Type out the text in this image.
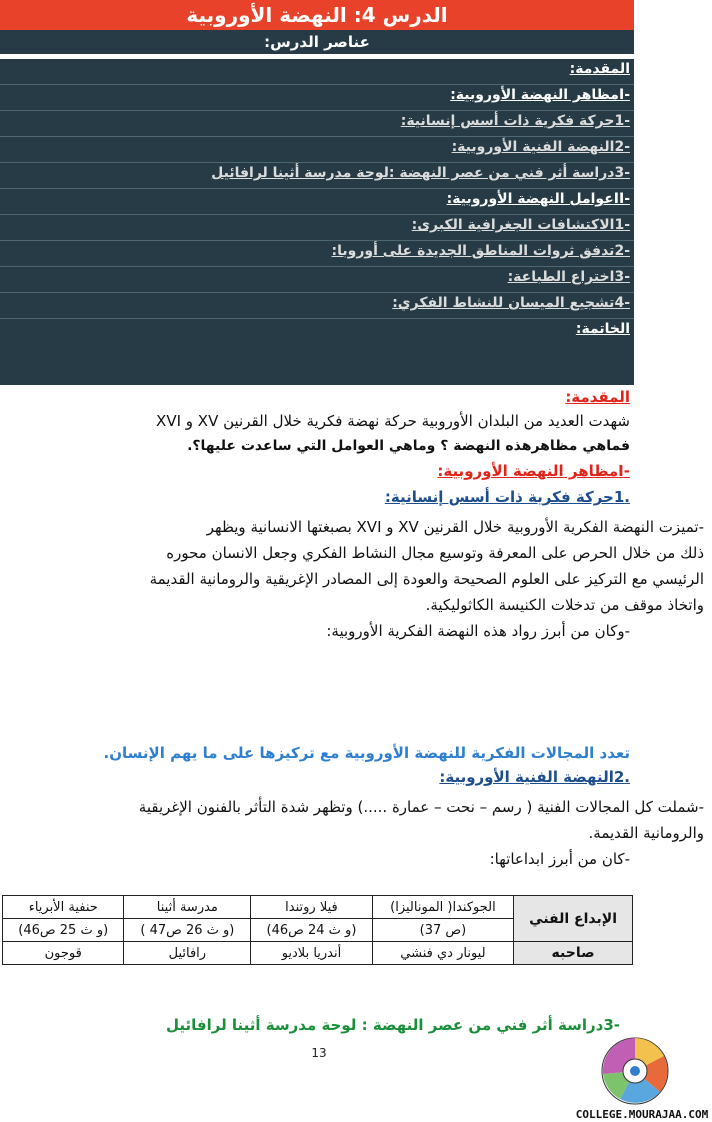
الدرس 4: النهضة الأوروبية
عناصر الدرس:
المقدمة:
-Iمظاهر النهضة الأوروبية:
-1حركة فكرية ذات أسس إنسانية:
-2النهضة الفنية الأوروبية:
-3دراسة أثر فني من عصر النهضة :لوحة مدرسة أثينا لرافائيل
-IIعوامل النهضة الأوروبية:
-1الاكتشافات الجغرافية الكبرى:
-2تدفق ثروات المناطق الجديدة على أوروبا:
-3اختراع الطباعة:
-4تشجيع الميسان للنشاط الفكري:
الخاتمة:
المقدمة:
شهدت العديد من البلدان الأوروبية حركة نهضة فكرية خلال القرنين XV و XVI
فماهي مظاهرهذه النهضة ؟ وماهي العوامل التي ساعدت عليها؟.
-Iمظاهر النهضة الأوروبية:
.1حركة فكرية ذات أسس إنسانية:
-تميزت النهضة الفكرية الأوروبية خلال القرنين XV و XVI بصبغتها الانسانية ويظهر
ذلك من خلال الحرص على المعرفة وتوسيع مجال النشاط الفكري وجعل الانسان محوره
الرئيسي مع التركيز على العلوم الصحيحة والعودة إلى المصادر الإغريقية والرومانية القديمة
واتخاذ موقف من تدخلات الكنيسة الكاثوليكية.
-وكان من أبرز رواد هذه النهضة الفكرية الأوروبية:
تعدد المجالات الفكرية للنهضة الأوروبية مع تركيزها على ما يهم الإنسان.
.2النهضة الفنية الأوروبية:
-شملت كل المجالات الفنية ( رسم – نحت – عمارة .....) وتظهر شدة التأثر بالفنون الإغريقية
والرومانية القديمة.
-كان من أبرز ابداعاتها:
الإبداع الفني	الجوكندا( الموناليزا)	فيلا روتندا	مدرسة أثينا	حنفية الأبرياء
	(ص 37)	(و ث 24 ص46)	(و ث 26 ص47 )	(و ث 25 ص46)
صاحبه	ليونار دي فنشي	أندريا بلاديو	رافائيل	قوجون
-3دراسة أثر فني من عصر النهضة : لوحة مدرسة أثينا لرافائيل
13
COLLEGE.MOURAJAA.COM
